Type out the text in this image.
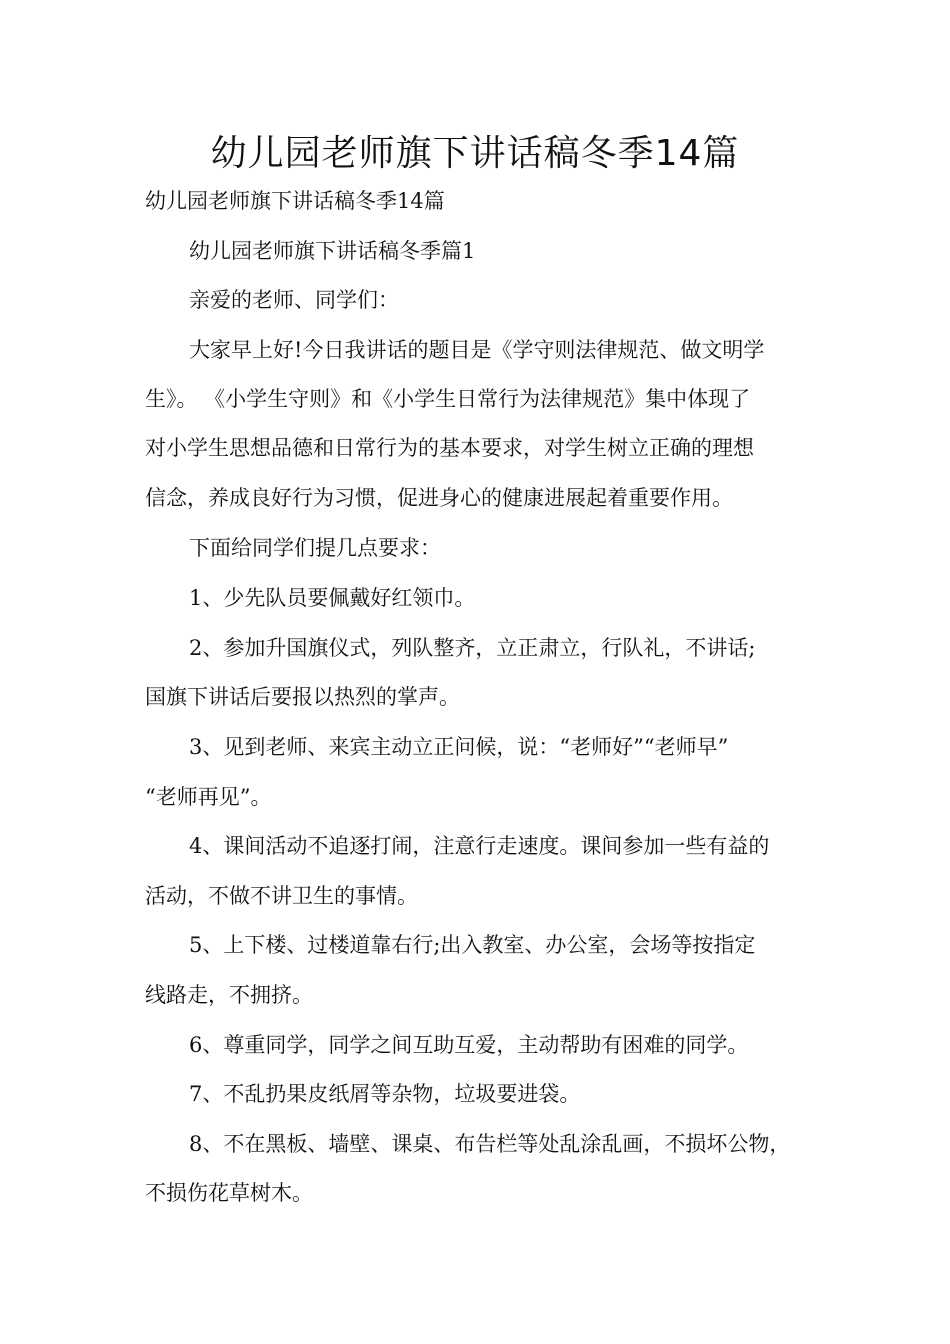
幼儿园老师旗下讲话稿冬季14篇

幼儿园老师旗下讲话稿冬季14篇

幼儿园老师旗下讲话稿冬季篇1

亲爱的老师、同学们：

大家早上好!今日我讲话的题目是《学守则法律规范、做文明学

生》。 《小学生守则》和《小学生日常行为法律规范》集中体现了

对小学生思想品德和日常行为的基本要求，对学生树立正确的理想

信念，养成良好行为习惯，促进身心的健康进展起着重要作用。

下面给同学们提几点要求：

1、少先队员要佩戴好红领巾。

2、参加升国旗仪式，列队整齐，立正肃立，行队礼，不讲话;

国旗下讲话后要报以热烈的掌声。

3、见到老师、来宾主动立正问候，说：“老师好”“老师早”

“老师再见”。

4、课间活动不追逐打闹，注意行走速度。课间参加一些有益的

活动，不做不讲卫生的事情。

5、上下楼、过楼道靠右行;出入教室、办公室，会场等按指定

线路走，不拥挤。

6、尊重同学，同学之间互助互爱，主动帮助有困难的同学。

7、不乱扔果皮纸屑等杂物，垃圾要进袋。

8、不在黑板、墙壁、课桌、布告栏等处乱涂乱画，不损坏公物，

不损伤花草树木。
